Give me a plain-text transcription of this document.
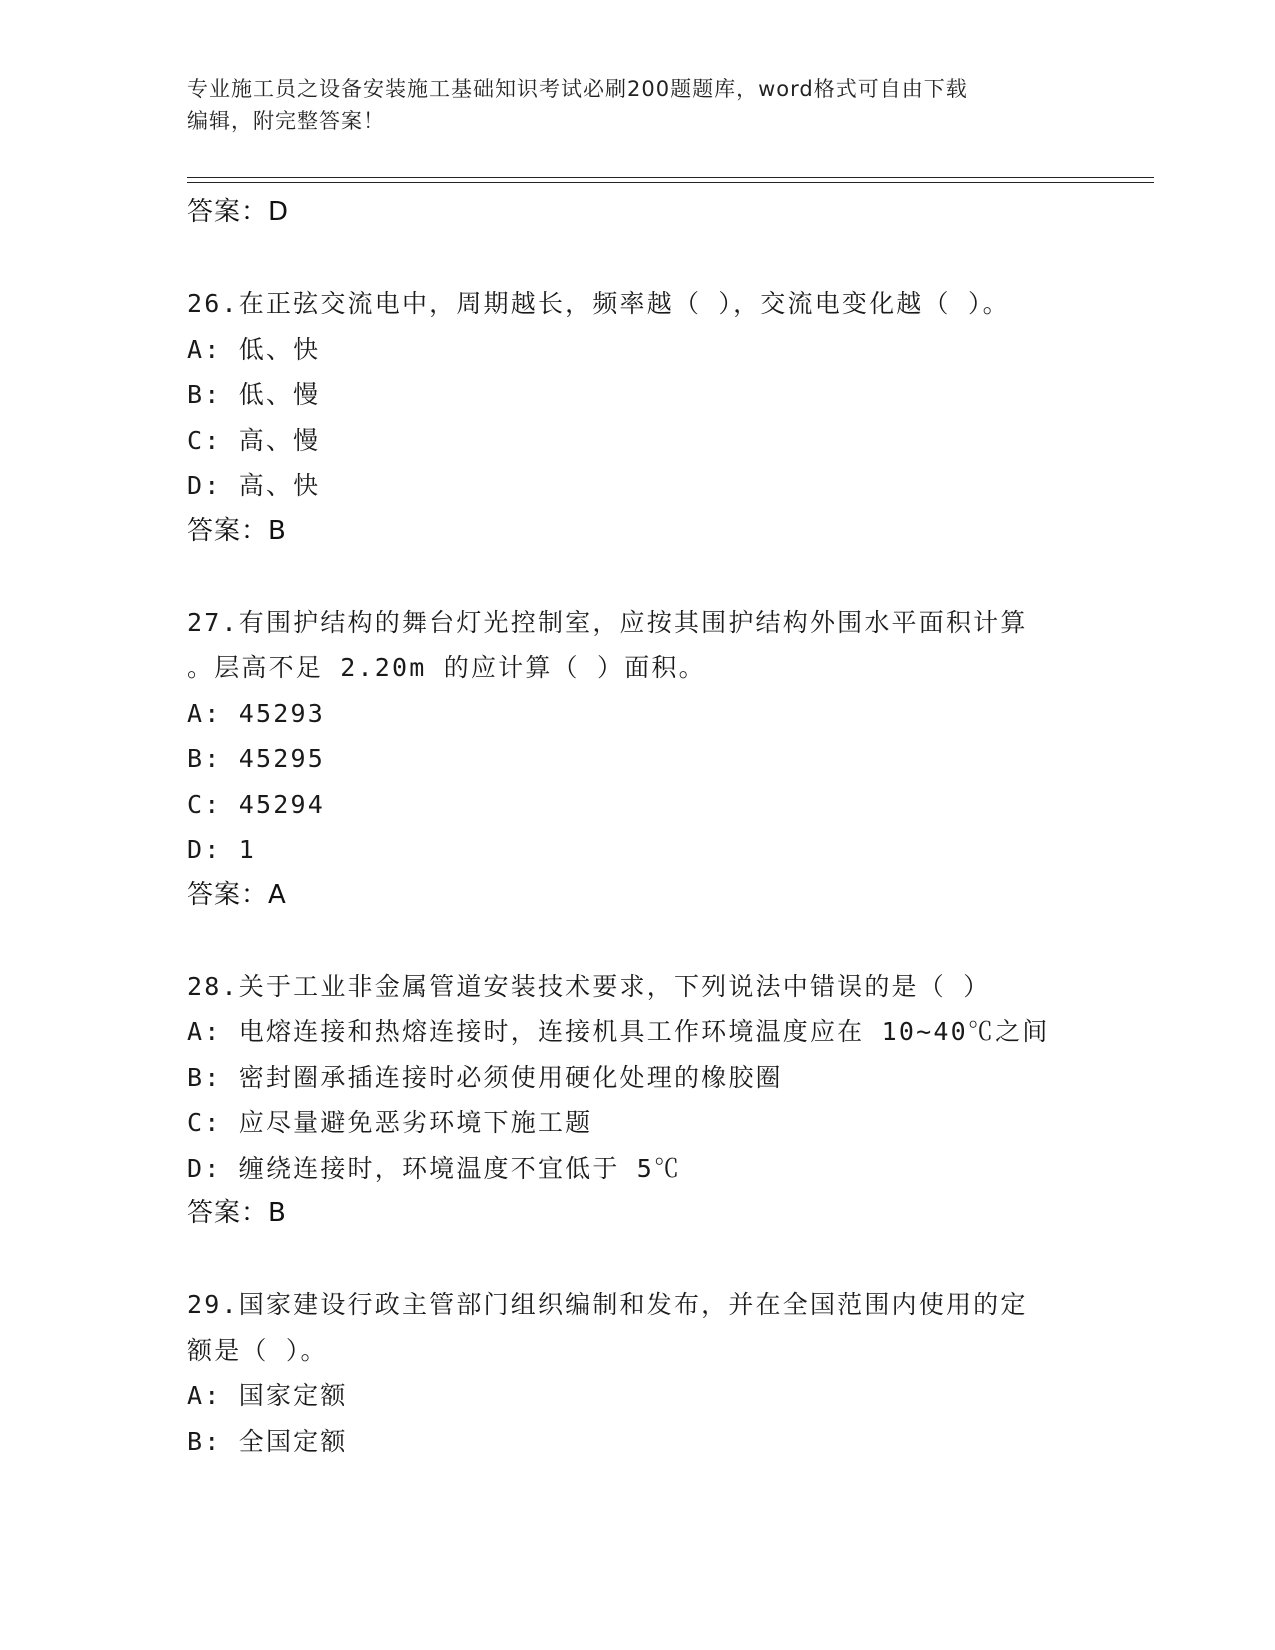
专业施工员之设备安装施工基础知识考试必刷200题题库，word格式可自由下载
编辑，附完整答案！
答案：D
26.在正弦交流电中，周期越长，频率越（ ），交流电变化越（ ）。
A: 低、快
B: 低、慢
C: 高、慢
D: 高、快
答案：B
27.有围护结构的舞台灯光控制室，应按其围护结构外围水平面积计算
。层高不足 2.20m 的应计算（ ）面积。
A: 45293
B: 45295
C: 45294
D: 1
答案：A
28.关于工业非金属管道安装技术要求，下列说法中错误的是（ ）
A: 电熔连接和热熔连接时，连接机具工作环境温度应在 10~40℃之间
B: 密封圈承插连接时必须使用硬化处理的橡胶圈
C: 应尽量避免恶劣环境下施工题
D: 缠绕连接时，环境温度不宜低于 5℃
答案：B
29.国家建设行政主管部门组织编制和发布，并在全国范围内使用的定
额是（ ）。
A: 国家定额
B: 全国定额
